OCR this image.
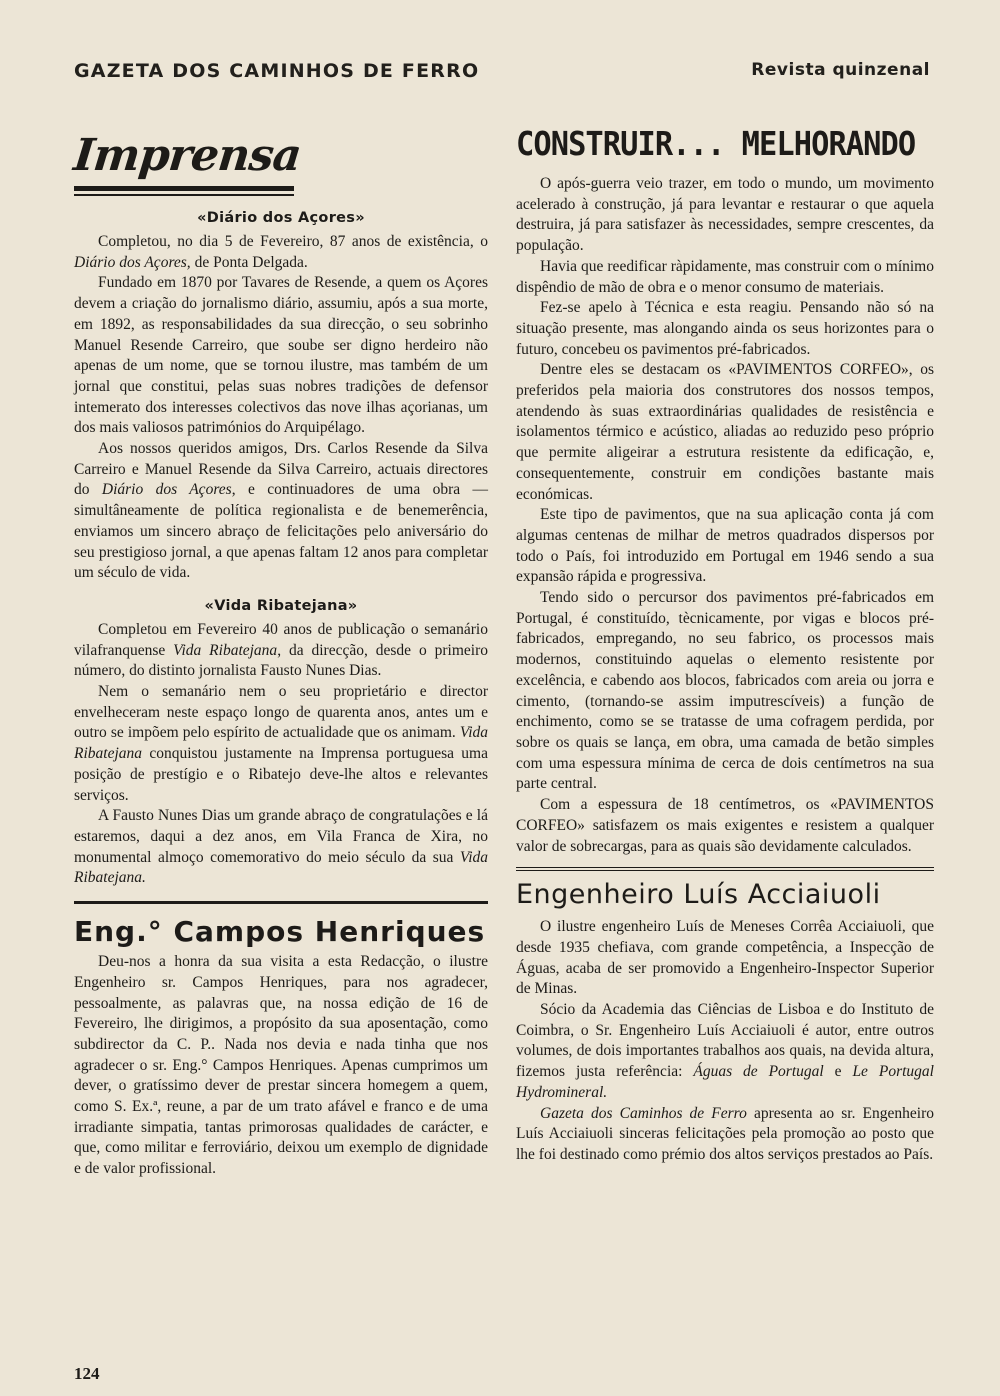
GAZETA DOS CAMINHOS DE FERRO	Revista quinzenal
Imprensa
«Diário dos Açores»

Completou, no dia 5 de Fevereiro, 87 anos de existência, o Diário dos Açores, de Ponta Delgada.

Fundado em 1870 por Tavares de Resende, a quem os Açores devem a criação do jornalismo diário, assumiu, após a sua morte, em 1892, as responsabilidades da sua direcção, o seu sobrinho Manuel Resende Carreiro, que soube ser digno herdeiro não apenas de um nome, que se tornou ilustre, mas também de um jornal que constitui, pelas suas nobres tradições de defensor intemerato dos interesses colectivos das nove ilhas açorianas, um dos mais valiosos patrimónios do Arquipélago.

Aos nossos queridos amigos, Drs. Carlos Resende da Silva Carreiro e Manuel Resende da Silva Carreiro, actuais directores do Diário dos Açores, e continuadores de uma obra — simultâneamente de política regionalista e de benemerência, enviamos um sincero abraço de felicitações pelo aniversário do seu prestigioso jornal, a que apenas faltam 12 anos para completar um século de vida.

«Vida Ribatejana»

Completou em Fevereiro 40 anos de publicação o semanário vilafranquense Vida Ribatejana, da direcção, desde o primeiro número, do distinto jornalista Fausto Nunes Dias.

Nem o semanário nem o seu proprietário e director envelheceram neste espaço longo de quarenta anos, antes um e outro se impõem pelo espírito de actualidade que os animam. Vida Ribatejana conquistou justamente na Imprensa portuguesa uma posição de prestígio e o Ribatejo deve-lhe altos e relevantes serviços.

A Fausto Nunes Dias um grande abraço de congratulações e lá estaremos, daqui a dez anos, em Vila Franca de Xira, no monumental almoço comemorativo do meio século da sua Vida Ribatejana.

Eng.° Campos Henriques

Deu-nos a honra da sua visita a esta Redacção, o ilustre Engenheiro sr. Campos Henriques, para nos agradecer, pessoalmente, as palavras que, na nossa edição de 16 de Fevereiro, lhe dirigimos, a propósito da sua aposentação, como subdirector da C. P.. Nada nos devia e nada tinha que nos agradecer o sr. Eng.° Campos Henriques. Apenas cumprimos um dever, o gratíssimo dever de prestar sincera homegem a quem, como S. Ex.ª, reune, a par de um trato afável e franco e de uma irradiante simpatia, tantas primorosas qualidades de carácter, e que, como militar e ferroviário, deixou um exemplo de dignidade e de valor profissional.

CONSTRUIR... MELHORANDO

O após-guerra veio trazer, em todo o mundo, um movimento acelerado à construção, já para levantar e restaurar o que aquela destruira, já para satisfazer às necessidades, sempre crescentes, da população.

Havia que reedificar ràpidamente, mas construir com o mínimo dispêndio de mão de obra e o menor consumo de materiais.

Fez-se apelo à Técnica e esta reagiu. Pensando não só na situação presente, mas alongando ainda os seus horizontes para o futuro, concebeu os pavimentos pré-fabricados.

Dentre eles se destacam os «PAVIMENTOS CORFEO», os preferidos pela maioria dos construtores dos nossos tempos, atendendo às suas extraordinárias qualidades de resistência e isolamentos térmico e acústico, aliadas ao reduzido peso próprio que permite aligeirar a estrutura resistente da edificação, e, consequentemente, construir em condições bastante mais económicas.

Este tipo de pavimentos, que na sua aplicação conta já com algumas centenas de milhar de metros quadrados dispersos por todo o País, foi introduzido em Portugal em 1946 sendo a sua expansão rápida e progressiva.

Tendo sido o percursor dos pavimentos pré-fabricados em Portugal, é constituído, tècnicamente, por vigas e blocos pré-fabricados, empregando, no seu fabrico, os processos mais modernos, constituindo aquelas o elemento resistente por excelência, e cabendo aos blocos, fabricados com areia ou jorra e cimento, (tornando-se assim imputrescíveis) a função de enchimento, como se se tratasse de uma cofragem perdida, por sobre os quais se lança, em obra, uma camada de betão simples com uma espessura mínima de cerca de dois centímetros na sua parte central.

Com a espessura de 18 centímetros, os «PAVIMENTOS CORFEO» satisfazem os mais exigentes e resistem a qualquer valor de sobrecargas, para as quais são devidamente calculados.

Engenheiro Luís Acciaiuoli

O ilustre engenheiro Luís de Meneses Corrêa Acciaiuoli, que desde 1935 chefiava, com grande competência, a Inspecção de Águas, acaba de ser promovido a Engenheiro-Inspector Superior de Minas.

Sócio da Academia das Ciências de Lisboa e do Instituto de Coimbra, o Sr. Engenheiro Luís Acciaiuoli é autor, entre outros volumes, de dois importantes trabalhos aos quais, na devida altura, fizemos justa referência: Águas de Portugal e Le Portugal Hydromineral.

Gazeta dos Caminhos de Ferro apresenta ao sr. Engenheiro Luís Acciaiuoli sinceras felicitações pela promoção ao posto que lhe foi destinado como prémio dos altos serviços prestados ao País.

124
